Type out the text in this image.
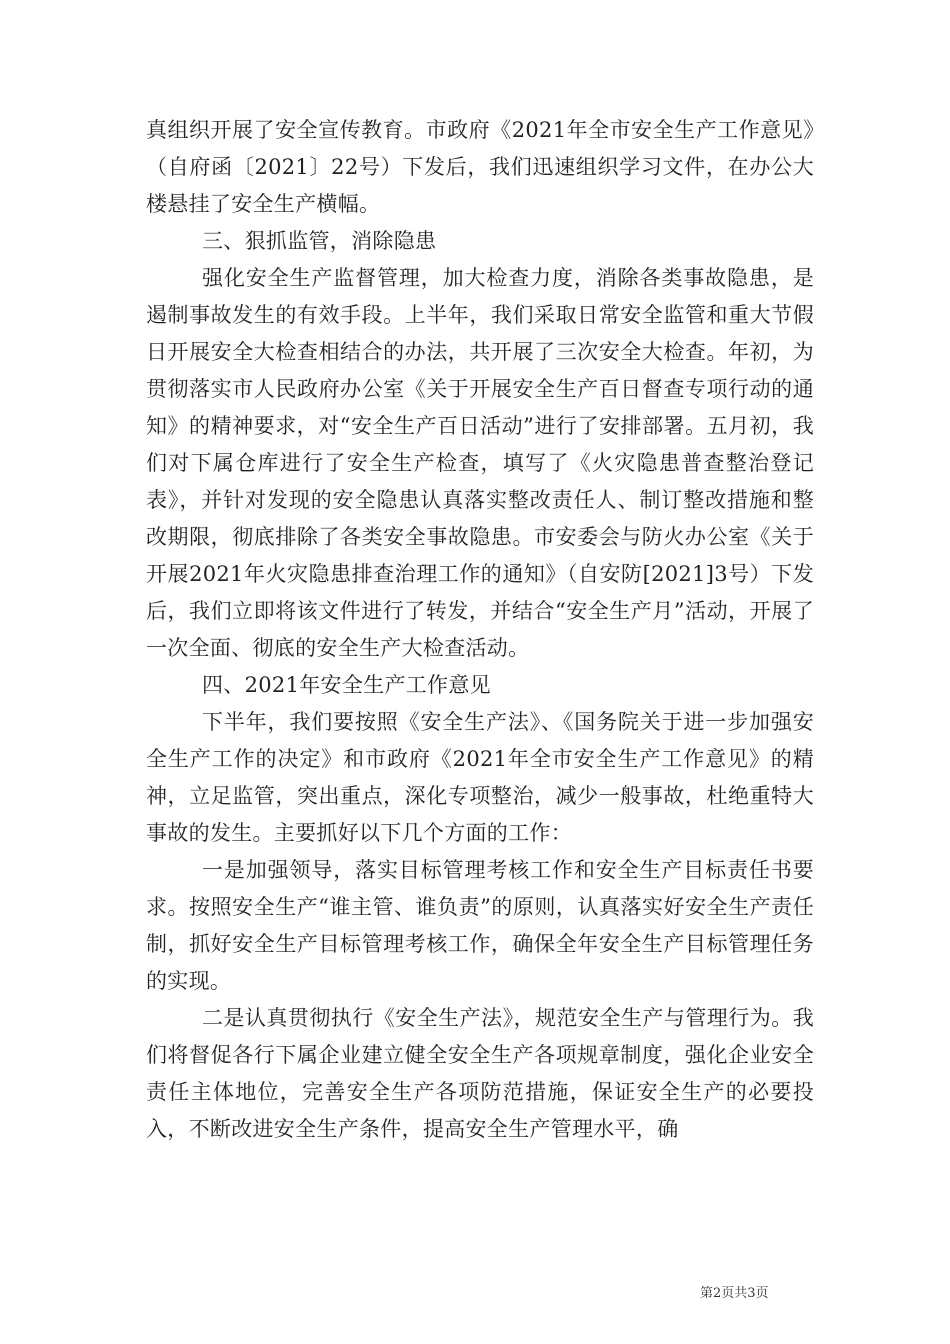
真组织开展了安全宣传教育。市政府《2021年全市安全生产工作意见》（自府函〔2021〕22号）下发后，我们迅速组织学习文件，在办公大楼悬挂了安全生产横幅。

三、狠抓监管，消除隐患

强化安全生产监督管理，加大检查力度，消除各类事故隐患，是遏制事故发生的有效手段。上半年，我们采取日常安全监管和重大节假日开展安全大检查相结合的办法，共开展了三次安全大检查。年初，为贯彻落实市人民政府办公室《关于开展安全生产百日督查专项行动的通知》的精神要求，对“安全生产百日活动”进行了安排部署。五月初，我们对下属仓库进行了安全生产检查，填写了《火灾隐患普查整治登记表》，并针对发现的安全隐患认真落实整改责任人、制订整改措施和整改期限，彻底排除了各类安全事故隐患。市安委会与防火办公室《关于开展2021年火灾隐患排查治理工作的通知》（自安防[2021]3号）下发后，我们立即将该文件进行了转发，并结合“安全生产月”活动，开展了一次全面、彻底的安全生产大检查活动。

四、2021年安全生产工作意见

下半年，我们要按照《安全生产法》、《国务院关于进一步加强安全生产工作的决定》和市政府《2021年全市安全生产工作意见》的精神，立足监管，突出重点，深化专项整治，减少一般事故，杜绝重特大事故的发生。主要抓好以下几个方面的工作：

一是加强领导，落实目标管理考核工作和安全生产目标责任书要求。按照安全生产“谁主管、谁负责”的原则，认真落实好安全生产责任制，抓好安全生产目标管理考核工作，确保全年安全生产目标管理任务的实现。

二是认真贯彻执行《安全生产法》，规范安全生产与管理行为。我们将督促各行下属企业建立健全安全生产各项规章制度，强化企业安全责任主体地位，完善安全生产各项防范措施，保证安全生产的必要投入，不断改进安全生产条件，提高安全生产管理水平，确

第2页共3页
